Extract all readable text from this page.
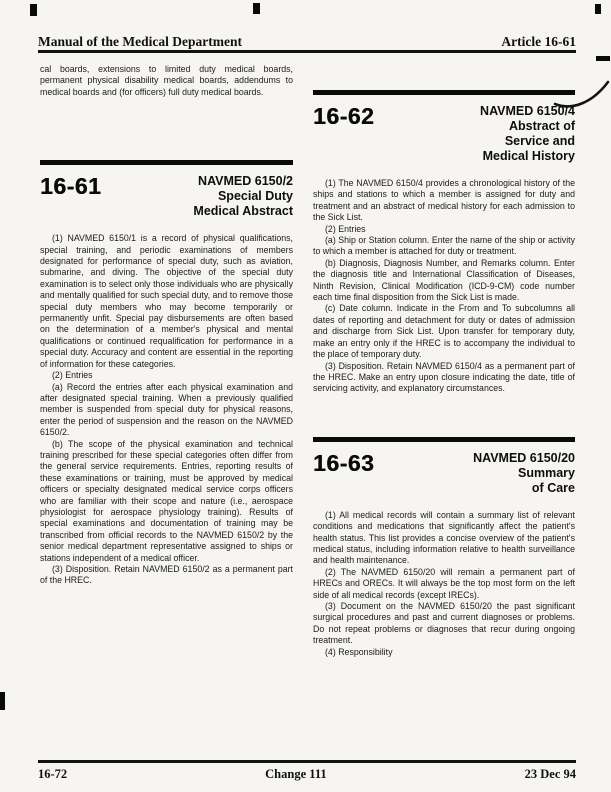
Manual of the Medical Department	Article 16-61

cal boards, extensions to limited duty medical boards, permanent physical disability medical boards, addendums to medical boards and (for officers) full duty medical boards.

16-61	NAVMED 6150/2
Special Duty
Medical Abstract

(1) NAVMED 6150/1 is a record of physical qualifications, special training, and periodic examinations of members designated for performance of special duty, such as aviation, submarine, and diving. The objective of the special duty examination is to select only those individuals who are physically and mentally qualified for such special duty, and to remove those special duty members who may become temporarily or permanently unfit. Special pay disbursements are often based on the determination of a member's physical and mental qualifications or continued requalification for performance in a special duty. Accuracy and content are essential in the reporting of information for these categories.

(2) Entries

(a) Record the entries after each physical examination and after designated special training. When a previously qualified member is suspended from special duty for physical reasons, enter the period of suspension and the reason on the NAVMED 6150/2.

(b) The scope of the physical examination and technical training prescribed for these special categories often differ from the general service requirements. Entries, reporting results of these examinations or training, must be approved by medical officers or specialty designated medical service corps officers who are familiar with their scope and nature (i.e., aerospace physiologist for aerospace physiology training). Results of special examinations and documentation of training may be transcribed from official records to the NAVMED 6150/2 by the senior medical department representative assigned to ships or stations independent of a medical officer.

(3) Disposition. Retain NAVMED 6150/2 as a permanent part of the HREC.

16-62	NAVMED 6150/4
Abstract of
Service and
Medical History

(1) The NAVMED 6150/4 provides a chronological history of the ships and stations to which a member is assigned for duty and treatment and an abstract of medical history for each admission to the Sick List.

(2) Entries

(a) Ship or Station column. Enter the name of the ship or activity to which a member is attached for duty or treatment.

(b) Diagnosis, Diagnosis Number, and Remarks column. Enter the diagnosis title and International Classification of Diseases, Ninth Revision, Clinical Modification (ICD-9-CM) code number each time final disposition from the Sick List is made.

(c) Date column. Indicate in the From and To subcolumns all dates of reporting and detachment for duty or dates of admission and discharge from Sick List. Upon transfer for temporary duty, make an entry only if the HREC is to accompany the individual to the place of temporary duty.

(3) Disposition. Retain NAVMED 6150/4 as a permanent part of the HREC. Make an entry upon closure indicating the date, title of servicing activity, and explanatory circumstances.

16-63	NAVMED 6150/20
Summary
of Care

(1) All medical records will contain a summary list of relevant conditions and medications that significantly affect the patient's health status. This list provides a concise overview of the patient's medical status, including information relative to health surveillance and health maintenance.

(2) The NAVMED 6150/20 will remain a permanent part of HRECs and ORECs. It will always be the top most form on the left side of all medical records (except IRECs).

(3) Document on the NAVMED 6150/20 the past significant surgical procedures and past and current diagnoses or problems. Do not repeat problems or diagnoses that recur during ongoing treatment.

(4) Responsibility

16-72	Change 111	23 Dec 94
